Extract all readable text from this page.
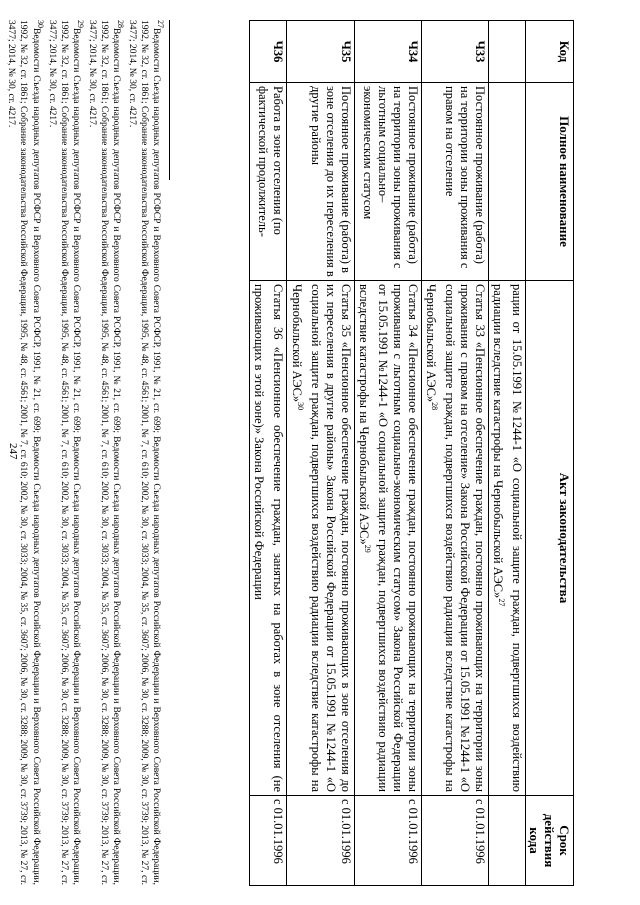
247
Код	Полное наименование	Акт законодательства	Срок действия кода
		рации от 15.05.1991 №1244-1 «О социальной защите граждан, подвергшихся воздействию радиации вследствие катастрофы на Чернобыльской АЭС»$^{27}$	
Ч33	Постоянное проживание (работа) на территории зоны проживания с правом на отселение	Статья 33 «Пенсионное обеспечение граждан, постоянно проживающих на территории зоны проживания с правом на отселение» Закона Российской Федерации от 15.05.1991 №1244-1 «О социальной защите граждан, подвергшихся воздействию радиации вследствие катастрофы на Чернобыльской АЭС»$^{28}$	с 01.01.1996
Ч34	Постоянное проживание (работа) на территории зоны проживания с льготным социально–экономическим статусом	Статья 34 «Пенсионное обеспечение граждан, постоянно проживающих на территории зоны проживания с льготным социально-экономическим статусом» Закона Российской Федерации от 15.05.1991 №1244-1 «О социальной защите граждан, подвергшихся воздействию радиации вследствие катастрофы на Чернобыльской АЭС»$^{29}$	с 01.01.1996
Ч35	Постоянное проживание (работа) в зоне отселения до их переселения в другие районы	Статья 35 «Пенсионное обеспечение граждан, постоянно проживающих в зоне отселения до их переселения в другие районы» Закона Российской Федерации от 15.05.1991 №1244-1 «О социальной защите граждан, подвергшихся воздействию радиации вследствие катастрофы на Чернобыльской АЭС»$^{30}$	с 01.01.1996
Ч36	Работа в зоне отселения (по фактической продолжитель-	Статья 36 «Пенсионное обеспечение граждан, занятых на работах в зоне отселения (не проживающих в этой зоне)» Закона Российской Федерации	с 01.01.1996

$^{27}$Ведомости Съезда народных депутатов РСФСР и Верховного Совета РСФСР, 1991, № 21, ст. 699; Ведомости Съезда народных депутатов Российской Федерации и Верховного Совета Российской Федерации, 1992, № 32, ст. 1861; Собрание законодательства Российской Федерации, 1995, № 48, ст. 4561; 2001, № 7, ст. 610; 2002, № 30, ст. 3033; 2004, № 35, ст. 3607; 2006, № 30, ст. 3288; 2009, № 30, ст. 3739; 2013, № 27, ст. 3477; 2014, № 30, ст. 4217.

$^{28}$Ведомости Съезда народных депутатов РСФСР и Верховного Совета РСФСР, 1991, № 21, ст. 699; Ведомости Съезда народных депутатов Российской Федерации и Верховного Совета Российской Федерации, 1992, № 32, ст. 1861; Собрание законодательства Российской Федерации, 1995, № 48, ст. 4561; 2001, № 7, ст. 610; 2002, № 30, ст. 3033; 2004, № 35, ст. 3607; 2006, № 30, ст. 3288; 2009, № 30, ст. 3739; 2013, № 27, ст. 3477; 2014, № 30, ст. 4217.

$^{29}$Ведомости Съезда народных депутатов РСФСР и Верховного Совета РСФСР, 1991, № 21, ст. 699; Ведомости Съезда народных депутатов Российской Федерации и Верховного Совета Российской Федерации, 1992, № 32, ст. 1861; Собрание законодательства Российской Федерации, 1995, № 48, ст. 4561; 2001, № 7, ст. 610; 2002, № 30, ст. 3033; 2004, № 35, ст. 3607; 2006, № 30, ст. 3288; 2009, № 30, ст. 3739; 2013, № 27, ст. 3477; 2014, № 30, ст. 4217.

$^{30}$Ведомости Съезда народных депутатов РСФСР и Верховного Совета РСФСР, 1991, № 21, ст. 699; Ведомости Съезда народных депутатов Российской Федерации и Верховного Совета Российской Федерации, 1992, № 32, ст. 1861; Собрание законодательства Российской Федерации, 1995, № 48, ст. 4561; 2001, № 7, ст. 610; 2002, № 30, ст. 3033; 2004, № 35, ст. 3607; 2006, № 30, ст. 3288; 2009, № 30, ст. 3739; 2013, № 27, ст. 3477; 2014, № 30, ст. 4217.
